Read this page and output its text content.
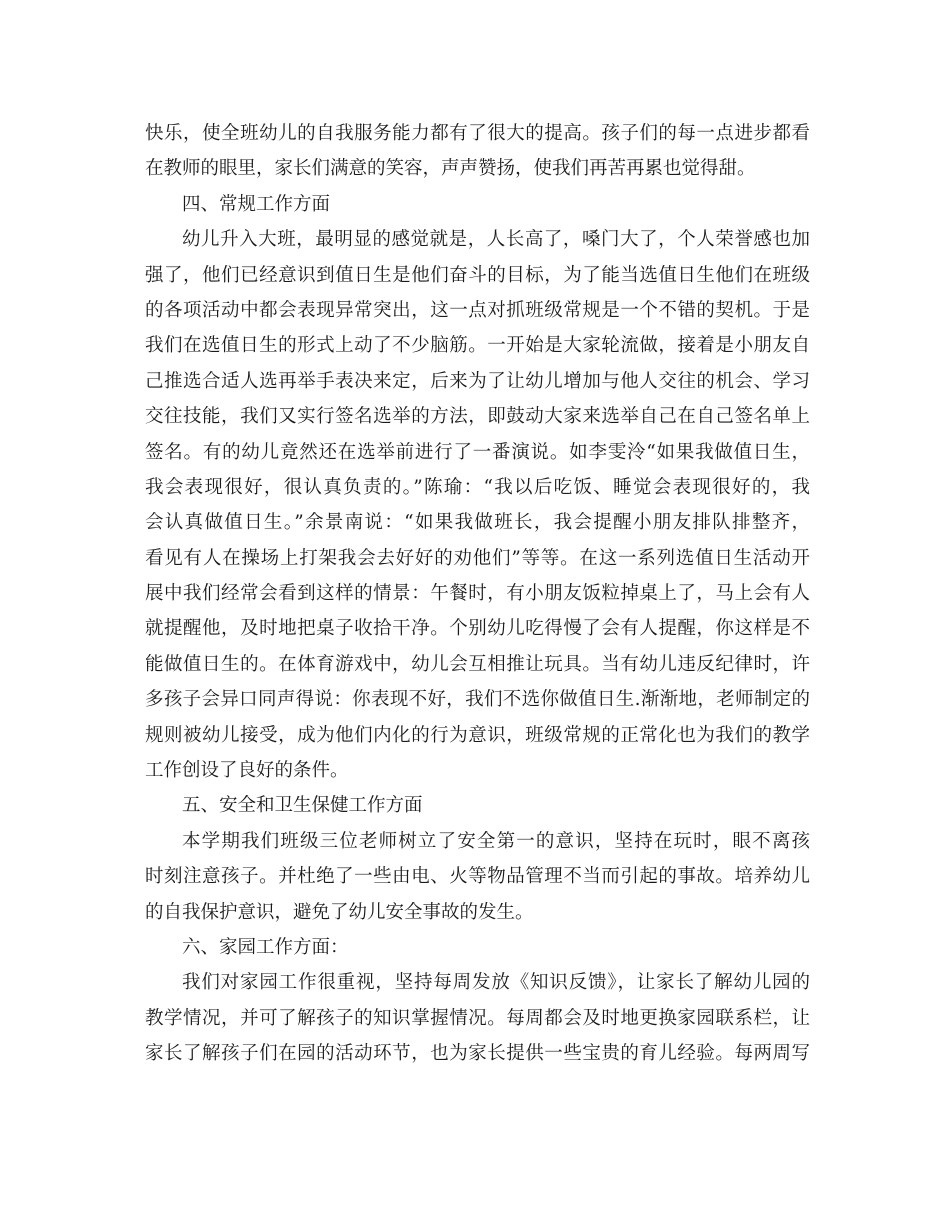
快乐，使全班幼儿的自我服务能力都有了很大的提高。孩子们的每一点进步都看
在教师的眼里，家长们满意的笑容，声声赞扬，使我们再苦再累也觉得甜。
四、常规工作方面
幼儿升入大班，最明显的感觉就是，人长高了，嗓门大了，个人荣誉感也加
强了，他们已经意识到值日生是他们奋斗的目标，为了能当选值日生他们在班级
的各项活动中都会表现异常突出，这一点对抓班级常规是一个不错的契机。于是
我们在选值日生的形式上动了不少脑筋。一开始是大家轮流做，接着是小朋友自
己推选合适人选再举手表决来定，后来为了让幼儿增加与他人交往的机会、学习
交往技能，我们又实行签名选举的方法，即鼓动大家来选举自己在自己签名单上
签名。有的幼儿竟然还在选举前进行了一番演说。如李雯泠“如果我做值日生，
我会表现很好，很认真负责的。”陈瑜：“我以后吃饭、睡觉会表现很好的，我
会认真做值日生。”余景南说：“如果我做班长，我会提醒小朋友排队排整齐，
看见有人在操场上打架我会去好好的劝他们”等等。在这一系列选值日生活动开
展中我们经常会看到这样的情景：午餐时，有小朋友饭粒掉桌上了，马上会有人
就提醒他，及时地把桌子收拾干净。个别幼儿吃得慢了会有人提醒，你这样是不
能做值日生的。在体育游戏中，幼儿会互相推让玩具。当有幼儿违反纪律时，许
多孩子会异口同声得说：你表现不好，我们不选你做值日生.渐渐地，老师制定的
规则被幼儿接受，成为他们内化的行为意识，班级常规的正常化也为我们的教学
工作创设了良好的条件。
五、安全和卫生保健工作方面
本学期我们班级三位老师树立了安全第一的意识，坚持在玩时，眼不离孩
时刻注意孩子。并杜绝了一些由电、火等物品管理不当而引起的事故。培养幼儿
的自我保护意识，避免了幼儿安全事故的发生。
六、家园工作方面：
我们对家园工作很重视，坚持每周发放《知识反馈》，让家长了解幼儿园的
教学情况，并可了解孩子的知识掌握情况。每周都会及时地更换家园联系栏，让
家长了解孩子们在园的活动环节，也为家长提供一些宝贵的育儿经验。每两周写
